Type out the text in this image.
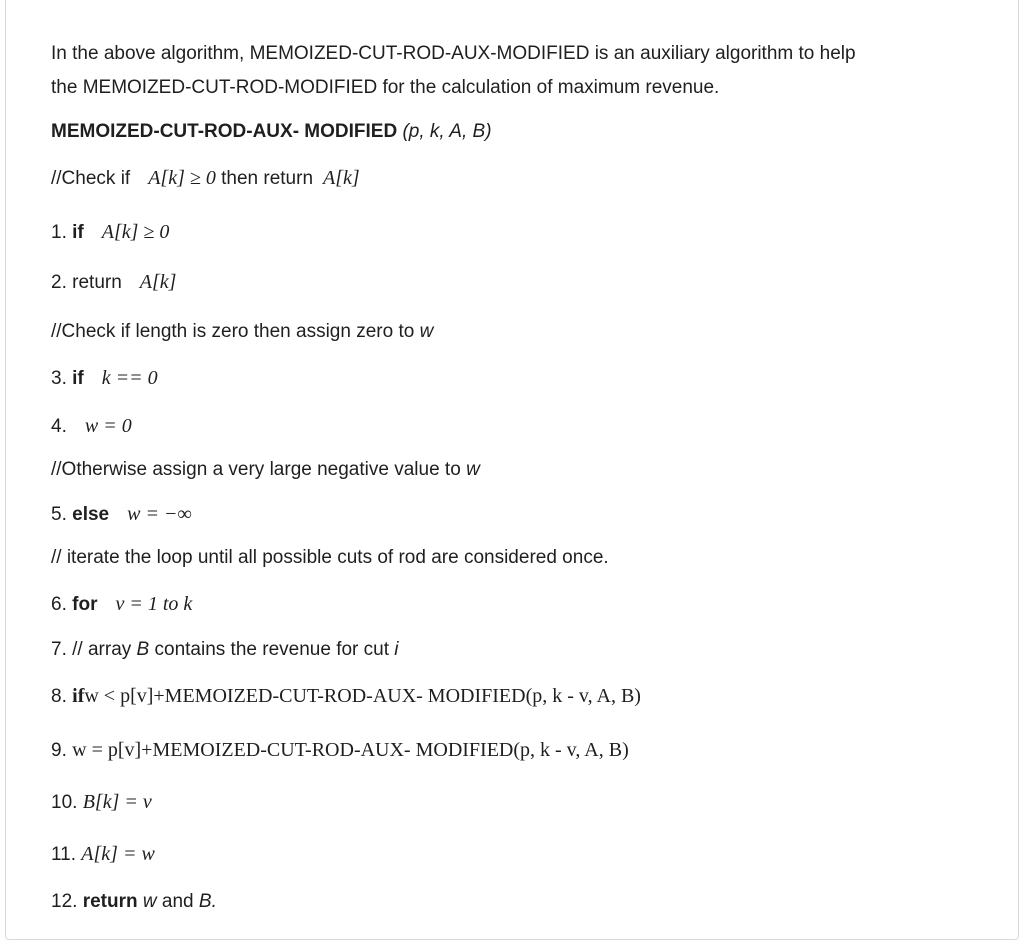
In the above algorithm, MEMOIZED-CUT-ROD-AUX-MODIFIED is an auxiliary algorithm to help
the MEMOIZED-CUT-ROD-MODIFIED for the calculation of maximum revenue.
MEMOIZED-CUT-ROD-AUX- MODIFIED (p, k, A, B)
//Check if A[k] ≥ 0 then return A[k]
1. if A[k] ≥ 0
2. return A[k]
//Check if length is zero then assign zero to w
3. if k == 0
4. w = 0
//Otherwise assign a very large negative value to w
5. else w = −∞
// iterate the loop until all possible cuts of rod are considered once.
6. for v = 1 to k
7. // array B contains the revenue for cut i
8. ifw < p[v]+MEMOIZED-CUT-ROD-AUX- MODIFIED(p, k - v, A, B)
9. w = p[v]+MEMOIZED-CUT-ROD-AUX- MODIFIED(p, k - v, A, B)
10. B[k] = v
11. A[k] = w
12. return w and B.
